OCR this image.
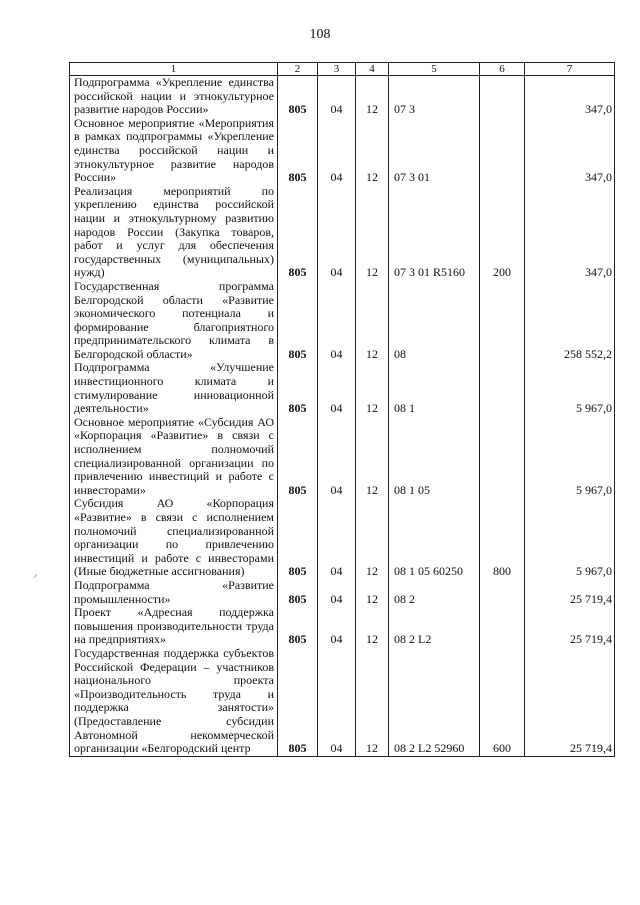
108
1	2	3	4	5	6	7
Подпрограмма «Укрепление единства российской нации и этнокультурное развитие народов России»	805	04	12	07 3		347,0
Основное мероприятие «Мероприятия в рамках подпрограммы «Укрепление единства российской нации и этнокультурное развитие народов России»	805	04	12	07 3 01		347,0
Реализация мероприятий по укреплению единства российской нации и этнокультурному развитию народов России (Закупка товаров, работ и услуг для обеспечения государственных (муниципальных) нужд)	805	04	12	07 3 01 R5160	200	347,0
Государственная программа Белгородской области «Развитие экономического потенциала и формирование благоприятного предпринимательского климата в Белгородской области»	805	04	12	08		258 552,2
Подпрограмма «Улучшение инвестиционного климата и стимулирование инновационной деятельности»	805	04	12	08 1		5 967,0
Основное мероприятие «Субсидия АО «Корпорация «Развитие» в связи с исполнением полномочий специализированной организации по привлечению инвестиций и работе с инвесторами»	805	04	12	08 1 05		5 967,0
Субсидия АО «Корпорация «Развитие» в связи с исполнением полномочий специализированной организации по привлечению инвестиций и работе с инвесторами (Иные бюджетные ассигнования)	805	04	12	08 1 05 60250	800	5 967,0
Подпрограмма «Развитие промышленности»	805	04	12	08 2		25 719,4
Проект «Адресная поддержка повышения производительности труда на предприятиях»	805	04	12	08 2 L2		25 719,4
Государственная поддержка субъектов Российской Федерации – участников национального проекта «Производительность труда и поддержка занятости» (Предоставление субсидии Автономной некоммерческой организации «Белгородский центр	805	04	12	08 2 L2 52960	600	25 719,4
⸝
